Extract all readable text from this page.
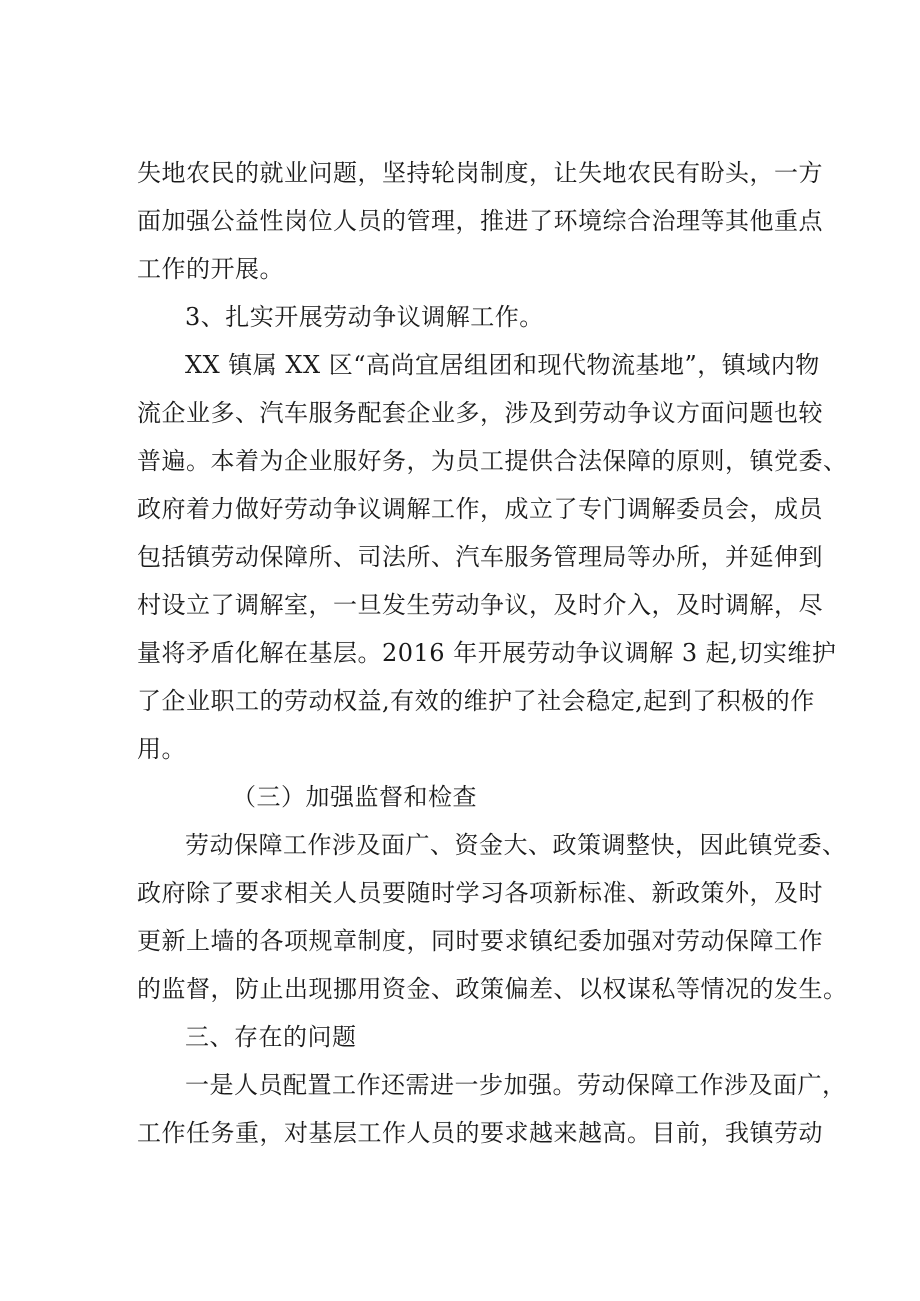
失地农民的就业问题，坚持轮岗制度，让失地农民有盼头，一方
面加强公益性岗位人员的管理，推进了环境综合治理等其他重点
工作的开展。
3、扎实开展劳动争议调解工作。
XX 镇属 XX 区“高尚宜居组团和现代物流基地”，镇域内物
流企业多、汽车服务配套企业多，涉及到劳动争议方面问题也较
普遍。本着为企业服好务，为员工提供合法保障的原则，镇党委、
政府着力做好劳动争议调解工作，成立了专门调解委员会，成员
包括镇劳动保障所、司法所、汽车服务管理局等办所，并延伸到
村设立了调解室，一旦发生劳动争议，及时介入，及时调解，尽
量将矛盾化解在基层。2016 年开展劳动争议调解 3 起,切实维护
了企业职工的劳动权益,有效的维护了社会稳定,起到了积极的作
用。
（三）加强监督和检查
劳动保障工作涉及面广、资金大、政策调整快，因此镇党委、
政府除了要求相关人员要随时学习各项新标准、新政策外，及时
更新上墙的各项规章制度，同时要求镇纪委加强对劳动保障工作
的监督，防止出现挪用资金、政策偏差、以权谋私等情况的发生。
三、存在的问题
一是人员配置工作还需进一步加强。劳动保障工作涉及面广，
工作任务重，对基层工作人员的要求越来越高。目前，我镇劳动
